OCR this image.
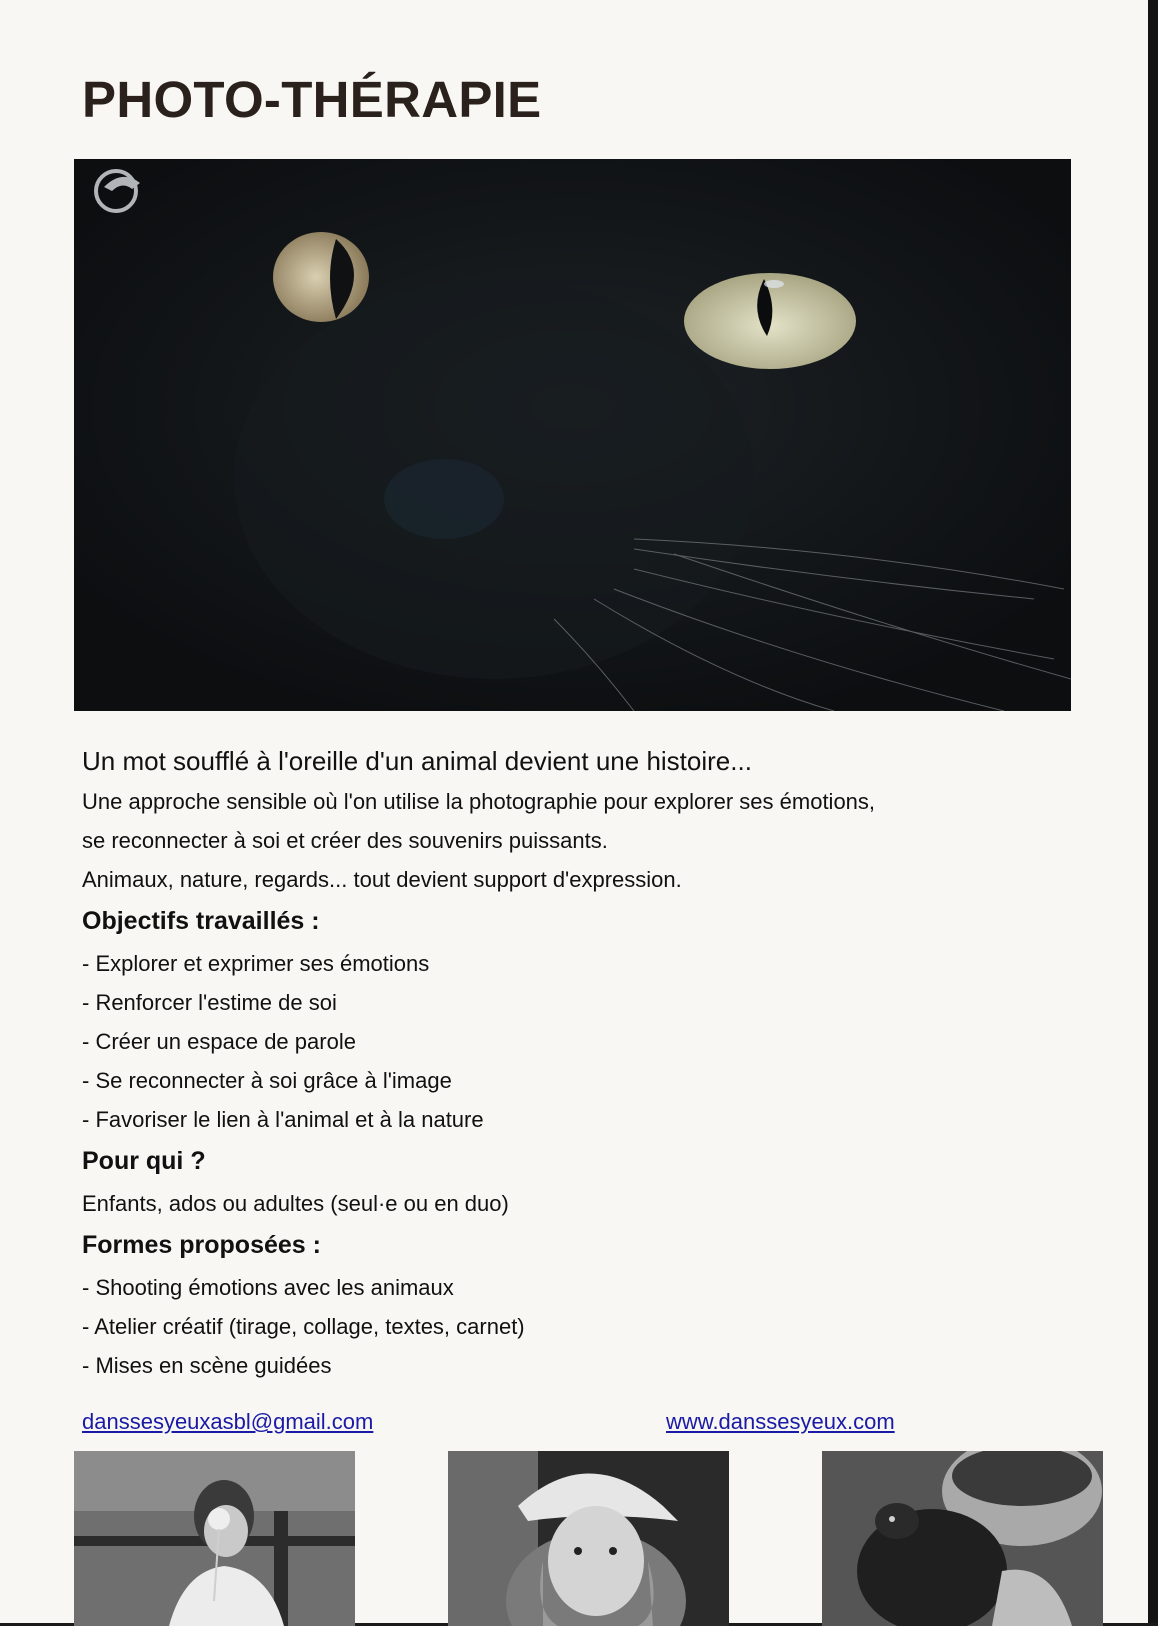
PHOTO-THÉRAPIE

Un mot soufflé à l'oreille d'un animal devient une histoire...

Une approche sensible où l'on utilise la photographie pour explorer ses émotions,

se reconnecter à soi et créer des souvenirs puissants.

Animaux, nature, regards... tout devient support d'expression.

Objectifs travaillés :

- Explorer et exprimer ses émotions

- Renforcer l'estime de soi

- Créer un espace de parole

- Se reconnecter à soi grâce à l'image

- Favoriser le lien à l'animal et à la nature

Pour qui ?

Enfants, ados ou adultes (seul·e ou en duo)

Formes proposées :

- Shooting émotions avec les animaux

- Atelier créatif (tirage, collage, textes, carnet)

- Mises en scène guidées

danssesyeuxasbl@gmail.com	www.danssesyeux.com
